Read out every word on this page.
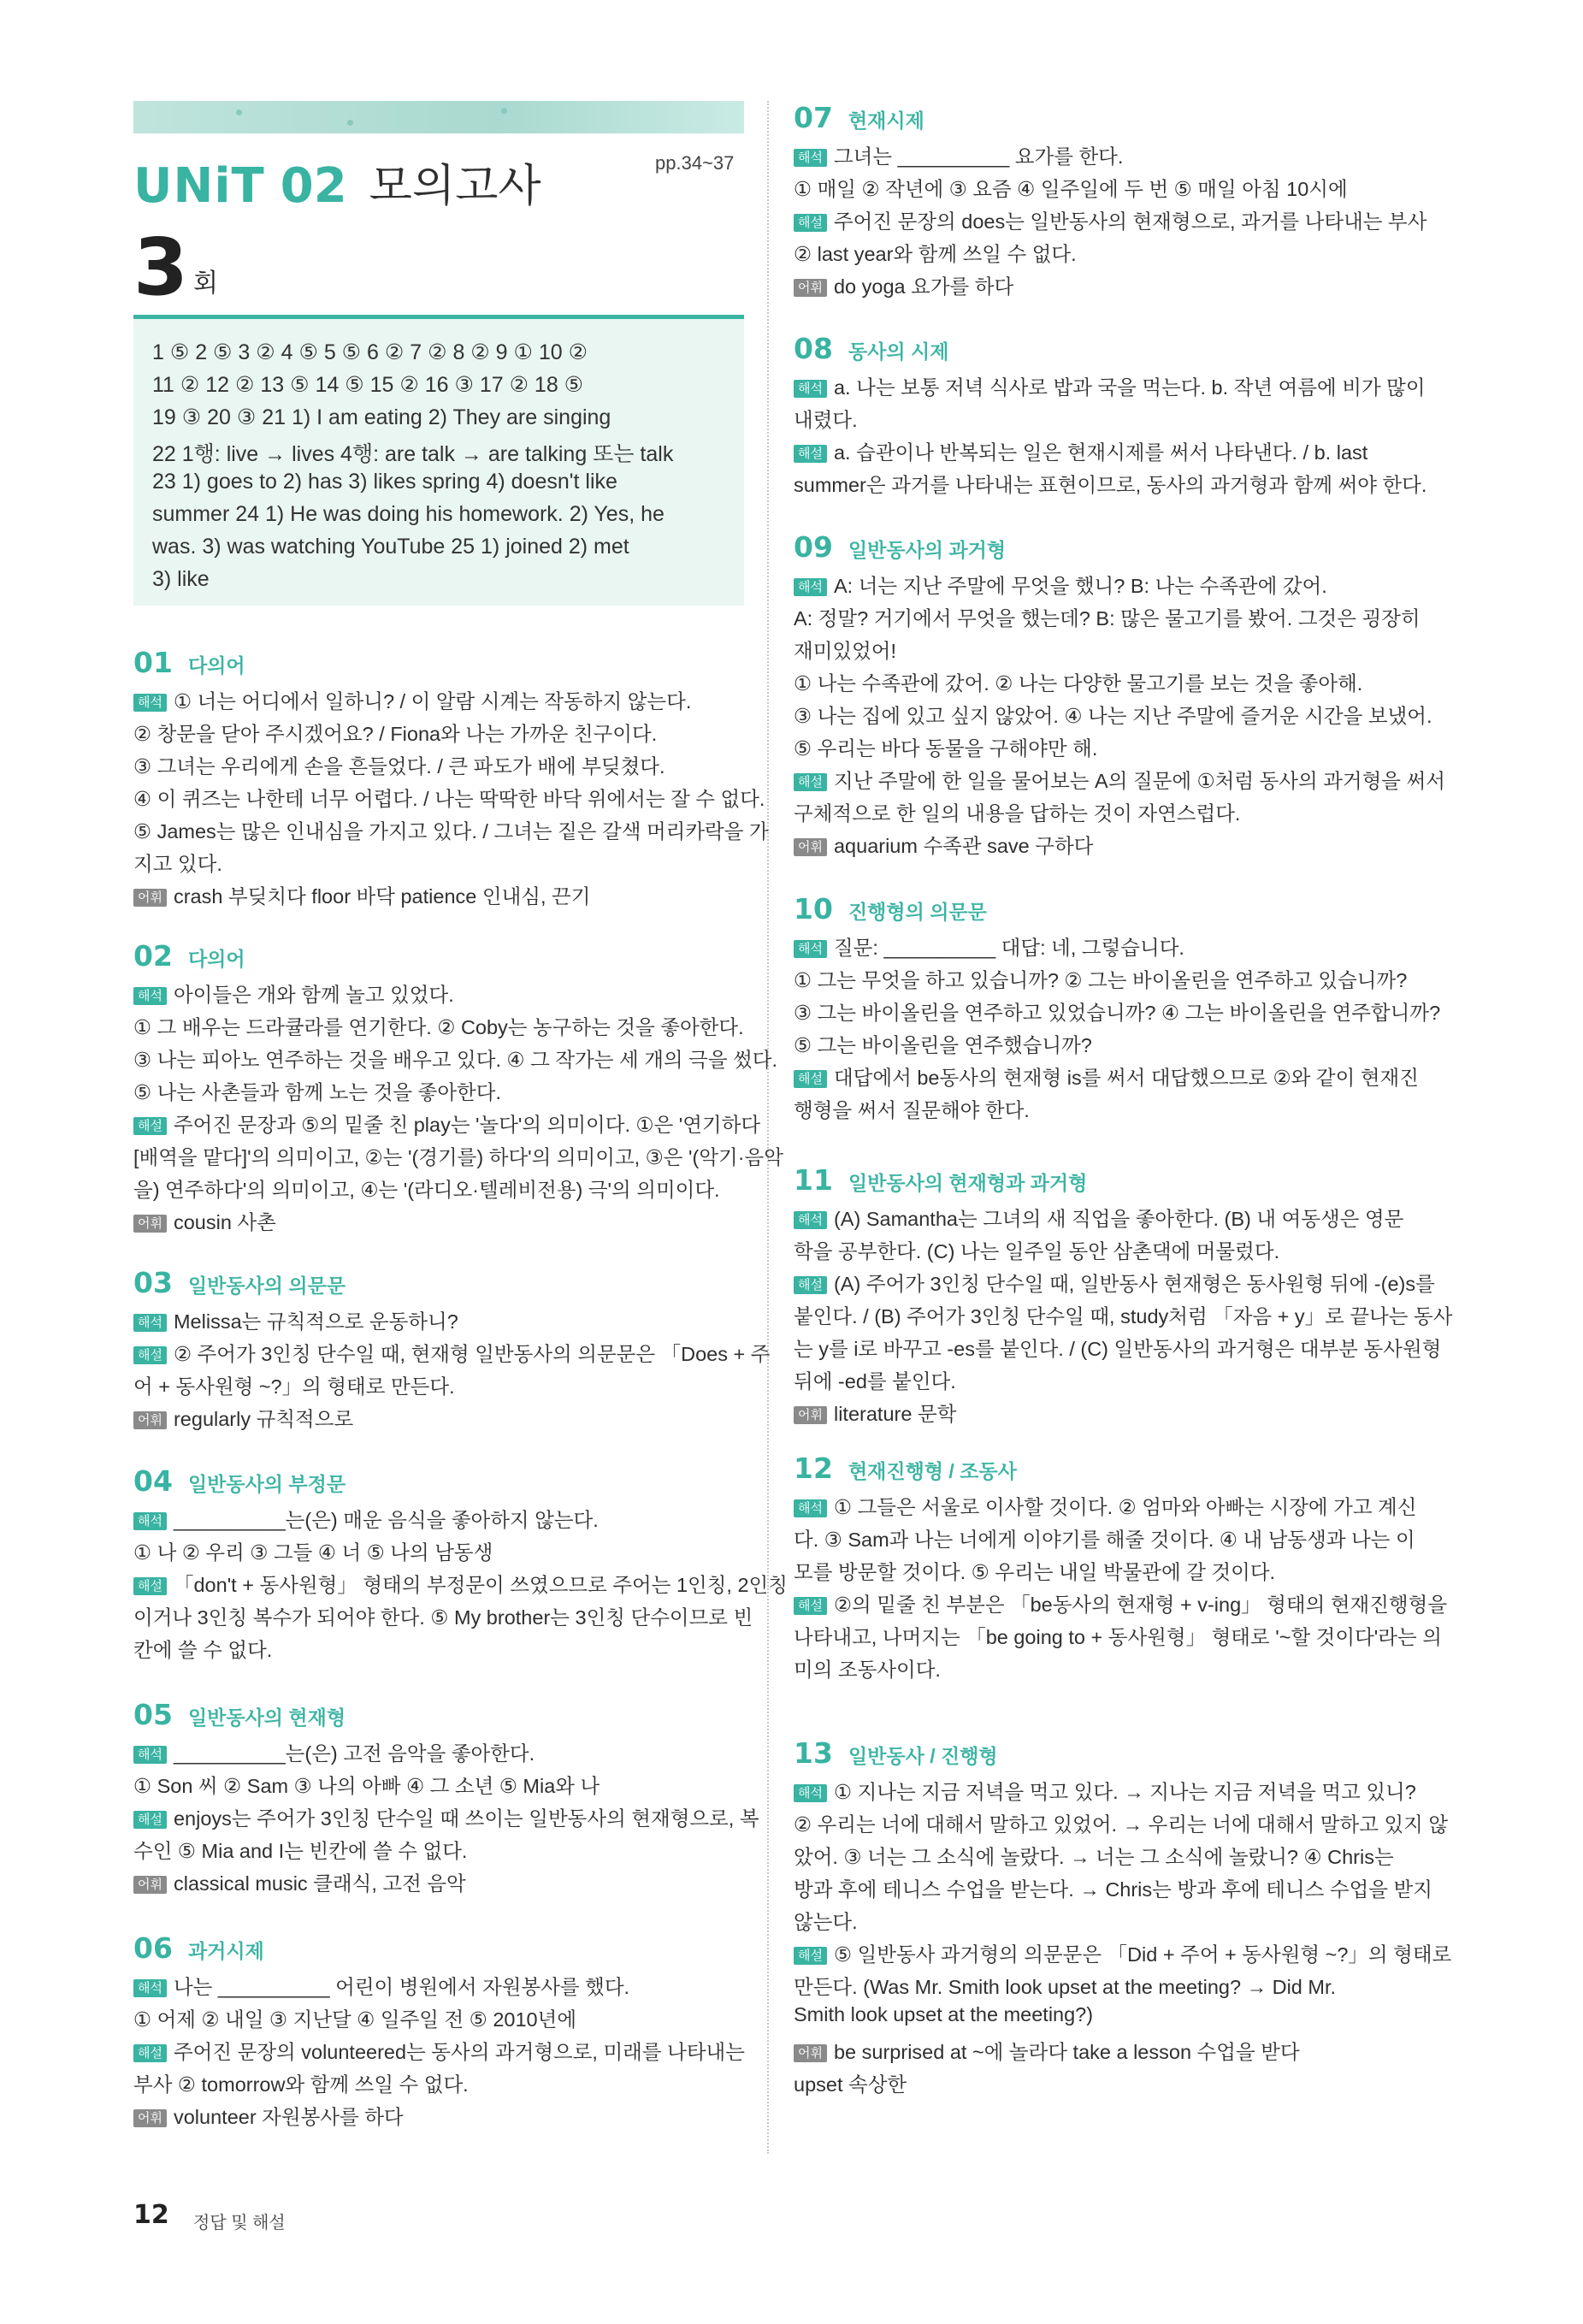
UNiT 02 모의고사	pp.34~37
3 회
1 ⑤ 2 ⑤ 3 ② 4 ⑤ 5 ⑤ 6 ② 7 ② 8 ② 9 ① 10 ②
11 ② 12 ② 13 ⑤ 14 ⑤ 15 ② 16 ③ 17 ② 18 ⑤
19 ③ 20 ③ 21 1) I am eating 2) They are singing
22 1행: live → lives 4행: are talk → are talking 또는 talk
23 1) goes to 2) has 3) likes spring 4) doesn't like
summer 24 1) He was doing his homework. 2) Yes, he
was. 3) was watching YouTube 25 1) joined 2) met
3) like
01 다의어
해석 ① 너는 어디에서 일하니? / 이 알람 시계는 작동하지 않는다.
② 창문을 닫아 주시겠어요? / Fiona와 나는 가까운 친구이다.
③ 그녀는 우리에게 손을 흔들었다. / 큰 파도가 배에 부딪쳤다.
④ 이 퀴즈는 나한테 너무 어렵다. / 나는 딱딱한 바닥 위에서는 잘 수 없다.
⑤ James는 많은 인내심을 가지고 있다. / 그녀는 짙은 갈색 머리카락을 가
지고 있다.
어휘 crash 부딪치다 floor 바닥 patience 인내심, 끈기
02 다의어
해석 아이들은 개와 함께 놀고 있었다.
① 그 배우는 드라큘라를 연기한다. ② Coby는 농구하는 것을 좋아한다.
③ 나는 피아노 연주하는 것을 배우고 있다. ④ 그 작가는 세 개의 극을 썼다.
⑤ 나는 사촌들과 함께 노는 것을 좋아한다.
해설 주어진 문장과 ⑤의 밑줄 친 play는 '놀다'의 의미이다. ①은 '연기하다
[배역을 맡다]'의 의미이고, ②는 '(경기를) 하다'의 의미이고, ③은 '(악기·음악
을) 연주하다'의 의미이고, ④는 '(라디오·텔레비전용) 극'의 의미이다.
어휘 cousin 사촌
03 일반동사의 의문문
해석 Melissa는 규칙적으로 운동하니?
해설 ② 주어가 3인칭 단수일 때, 현재형 일반동사의 의문문은 「Does + 주
어 + 동사원형 ~?」의 형태로 만든다.
어휘 regularly 규칙적으로
04 일반동사의 부정문
해석 __________는(은) 매운 음식을 좋아하지 않는다.
① 나 ② 우리 ③ 그들 ④ 너 ⑤ 나의 남동생
해설 「don't + 동사원형」 형태의 부정문이 쓰였으므로 주어는 1인칭, 2인칭
이거나 3인칭 복수가 되어야 한다. ⑤ My brother는 3인칭 단수이므로 빈
칸에 쓸 수 없다.
05 일반동사의 현재형
해석 __________는(은) 고전 음악을 좋아한다.
① Son 씨 ② Sam ③ 나의 아빠 ④ 그 소년 ⑤ Mia와 나
해설 enjoys는 주어가 3인칭 단수일 때 쓰이는 일반동사의 현재형으로, 복
수인 ⑤ Mia and I는 빈칸에 쓸 수 없다.
어휘 classical music 클래식, 고전 음악
06 과거시제
해석 나는 __________ 어린이 병원에서 자원봉사를 했다.
① 어제 ② 내일 ③ 지난달 ④ 일주일 전 ⑤ 2010년에
해설 주어진 문장의 volunteered는 동사의 과거형으로, 미래를 나타내는
부사 ② tomorrow와 함께 쓰일 수 없다.
어휘 volunteer 자원봉사를 하다
07 현재시제
해석 그녀는 __________ 요가를 한다.
① 매일 ② 작년에 ③ 요즘 ④ 일주일에 두 번 ⑤ 매일 아침 10시에
해설 주어진 문장의 does는 일반동사의 현재형으로, 과거를 나타내는 부사
② last year와 함께 쓰일 수 없다.
어휘 do yoga 요가를 하다
08 동사의 시제
해석 a. 나는 보통 저녁 식사로 밥과 국을 먹는다. b. 작년 여름에 비가 많이
내렸다.
해설 a. 습관이나 반복되는 일은 현재시제를 써서 나타낸다. / b. last
summer은 과거를 나타내는 표현이므로, 동사의 과거형과 함께 써야 한다.
09 일반동사의 과거형
해석 A: 너는 지난 주말에 무엇을 했니? B: 나는 수족관에 갔어.
A: 정말? 거기에서 무엇을 했는데? B: 많은 물고기를 봤어. 그것은 굉장히
재미있었어!
① 나는 수족관에 갔어. ② 나는 다양한 물고기를 보는 것을 좋아해.
③ 나는 집에 있고 싶지 않았어. ④ 나는 지난 주말에 즐거운 시간을 보냈어.
⑤ 우리는 바다 동물을 구해야만 해.
해설 지난 주말에 한 일을 물어보는 A의 질문에 ①처럼 동사의 과거형을 써서
구체적으로 한 일의 내용을 답하는 것이 자연스럽다.
어휘 aquarium 수족관 save 구하다
10 진행형의 의문문
해석 질문: __________ 대답: 네, 그렇습니다.
① 그는 무엇을 하고 있습니까? ② 그는 바이올린을 연주하고 있습니까?
③ 그는 바이올린을 연주하고 있었습니까? ④ 그는 바이올린을 연주합니까?
⑤ 그는 바이올린을 연주했습니까?
해설 대답에서 be동사의 현재형 is를 써서 대답했으므로 ②와 같이 현재진
행형을 써서 질문해야 한다.
11 일반동사의 현재형과 과거형
해석 (A) Samantha는 그녀의 새 직업을 좋아한다. (B) 내 여동생은 영문
학을 공부한다. (C) 나는 일주일 동안 삼촌댁에 머물렀다.
해설 (A) 주어가 3인칭 단수일 때, 일반동사 현재형은 동사원형 뒤에 -(e)s를
붙인다. / (B) 주어가 3인칭 단수일 때, study처럼 「자음 + y」로 끝나는 동사
는 y를 i로 바꾸고 -es를 붙인다. / (C) 일반동사의 과거형은 대부분 동사원형
뒤에 -ed를 붙인다.
어휘 literature 문학
12 현재진행형 / 조동사
해석 ① 그들은 서울로 이사할 것이다. ② 엄마와 아빠는 시장에 가고 계신
다. ③ Sam과 나는 너에게 이야기를 해줄 것이다. ④ 내 남동생과 나는 이
모를 방문할 것이다. ⑤ 우리는 내일 박물관에 갈 것이다.
해설 ②의 밑줄 친 부분은 「be동사의 현재형 + v-ing」 형태의 현재진행형을
나타내고, 나머지는 「be going to + 동사원형」 형태로 '~할 것이다'라는 의
미의 조동사이다.
13 일반동사 / 진행형
해석 ① 지나는 지금 저녁을 먹고 있다. → 지나는 지금 저녁을 먹고 있니?
② 우리는 너에 대해서 말하고 있었어. → 우리는 너에 대해서 말하고 있지 않
았어. ③ 너는 그 소식에 놀랐다. → 너는 그 소식에 놀랐니? ④ Chris는
방과 후에 테니스 수업을 받는다. → Chris는 방과 후에 테니스 수업을 받지
않는다.
해설 ⑤ 일반동사 과거형의 의문문은 「Did + 주어 + 동사원형 ~?」의 형태로
만든다. (Was Mr. Smith look upset at the meeting? → Did Mr.
Smith look upset at the meeting?)
어휘 be surprised at ~에 놀라다 take a lesson 수업을 받다
upset 속상한
12 정답 및 해설
